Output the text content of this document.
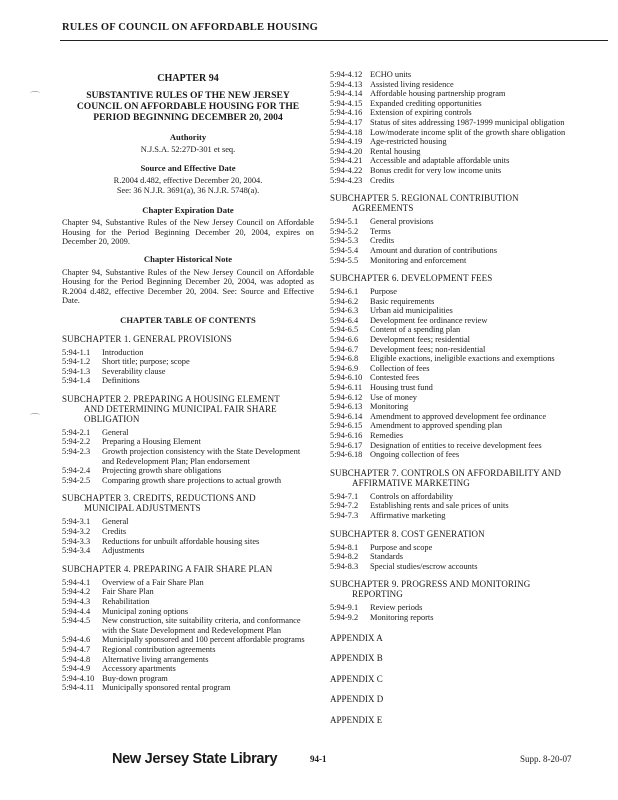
RULES OF COUNCIL ON AFFORDABLE HOUSING
⌒
⌒
CHAPTER 94
SUBSTANTIVE RULES OF THE NEW JERSEY COUNCIL ON AFFORDABLE HOUSING FOR THE PERIOD BEGINNING DECEMBER 20, 2004
Authority
N.J.S.A. 52:27D-301 et seq.
Source and Effective Date
R.2004 d.482, effective December 20, 2004.
See: 36 N.J.R. 3691(a), 36 N.J.R. 5748(a).
Chapter Expiration Date
Chapter 94, Substantive Rules of the New Jersey Council on Affordable Housing for the Period Beginning December 20, 2004, expires on December 20, 2009.
Chapter Historical Note
Chapter 94, Substantive Rules of the New Jersey Council on Affordable Housing for the Period Beginning December 20, 2004, was adopted as R.2004 d.482, effective December 20, 2004. See: Source and Effective Date.
CHAPTER TABLE OF CONTENTS
SUBCHAPTER 1. GENERAL PROVISIONS
5:94-1.1	Introduction
5:94-1.2	Short title; purpose; scope
5:94-1.3	Severability clause
5:94-1.4	Definitions
SUBCHAPTER 2. PREPARING A HOUSING ELEMENT
AND DETERMINING MUNICIPAL FAIR SHARE OBLIGATION
5:94-2.1	General
5:94-2.2	Preparing a Housing Element
5:94-2.3	Growth projection consistency with the State Development and Redevelopment Plan; Plan endorsement
5:94-2.4	Projecting growth share obligations
5:94-2.5	Comparing growth share projections to actual growth
SUBCHAPTER 3. CREDITS, REDUCTIONS AND
MUNICIPAL ADJUSTMENTS
5:94-3.1	General
5:94-3.2	Credits
5:94-3.3	Reductions for unbuilt affordable housing sites
5:94-3.4	Adjustments
SUBCHAPTER 4. PREPARING A FAIR SHARE PLAN
5:94-4.1	Overview of a Fair Share Plan
5:94-4.2	Fair Share Plan
5:94-4.3	Rehabilitation
5:94-4.4	Municipal zoning options
5:94-4.5	New construction, site suitability criteria, and conformance with the State Development and Redevelopment Plan
5:94-4.6	Municipally sponsored and 100 percent affordable programs
5:94-4.7	Regional contribution agreements
5:94-4.8	Alternative living arrangements
5:94-4.9	Accessory apartments
5:94-4.10 Buy-down program
5:94-4.11 Municipally sponsored rental program
5:94-4.12 ECHO units
5:94-4.13 Assisted living residence
5:94-4.14 Affordable housing partnership program
5:94-4.15 Expanded crediting opportunities
5:94-4.16 Extension of expiring controls
5:94-4.17 Status of sites addressing 1987-1999 municipal obligation
5:94-4.18 Low/moderate income split of the growth share obligation
5:94-4.19 Age-restricted housing
5:94-4.20 Rental housing
5:94-4.21 Accessible and adaptable affordable units
5:94-4.22 Bonus credit for very low income units
5:94-4.23 Credits
SUBCHAPTER 5. REGIONAL CONTRIBUTION
AGREEMENTS
5:94-5.1	General provisions
5:94-5.2	Terms
5:94-5.3	Credits
5:94-5.4	Amount and duration of contributions
5:94-5.5	Monitoring and enforcement
SUBCHAPTER 6. DEVELOPMENT FEES
5:94-6.1	Purpose
5:94-6.2	Basic requirements
5:94-6.3	Urban aid municipalities
5:94-6.4	Development fee ordinance review
5:94-6.5	Content of a spending plan
5:94-6.6	Development fees; residential
5:94-6.7	Development fees; non-residential
5:94-6.8	Eligible exactions, ineligible exactions and exemptions
5:94-6.9	Collection of fees
5:94-6.10 Contested fees
5:94-6.11 Housing trust fund
5:94-6.12 Use of money
5:94-6.13 Monitoring
5:94-6.14 Amendment to approved development fee ordinance
5:94-6.15 Amendment to approved spending plan
5:94-6.16 Remedies
5:94-6.17 Designation of entities to receive development fees
5:94-6.18 Ongoing collection of fees
SUBCHAPTER 7. CONTROLS ON AFFORDABILITY AND
AFFIRMATIVE MARKETING
5:94-7.1	Controls on affordability
5:94-7.2	Establishing rents and sale prices of units
5:94-7.3	Affirmative marketing
SUBCHAPTER 8. COST GENERATION
5:94-8.1	Purpose and scope
5:94-8.2	Standards
5:94-8.3	Special studies/escrow accounts
SUBCHAPTER 9. PROGRESS AND MONITORING
REPORTING
5:94-9.1	Review periods
5:94-9.2	Monitoring reports
APPENDIX A
APPENDIX B
APPENDIX C
APPENDIX D
APPENDIX E
New Jersey State Library	94-1	Supp. 8-20-07
